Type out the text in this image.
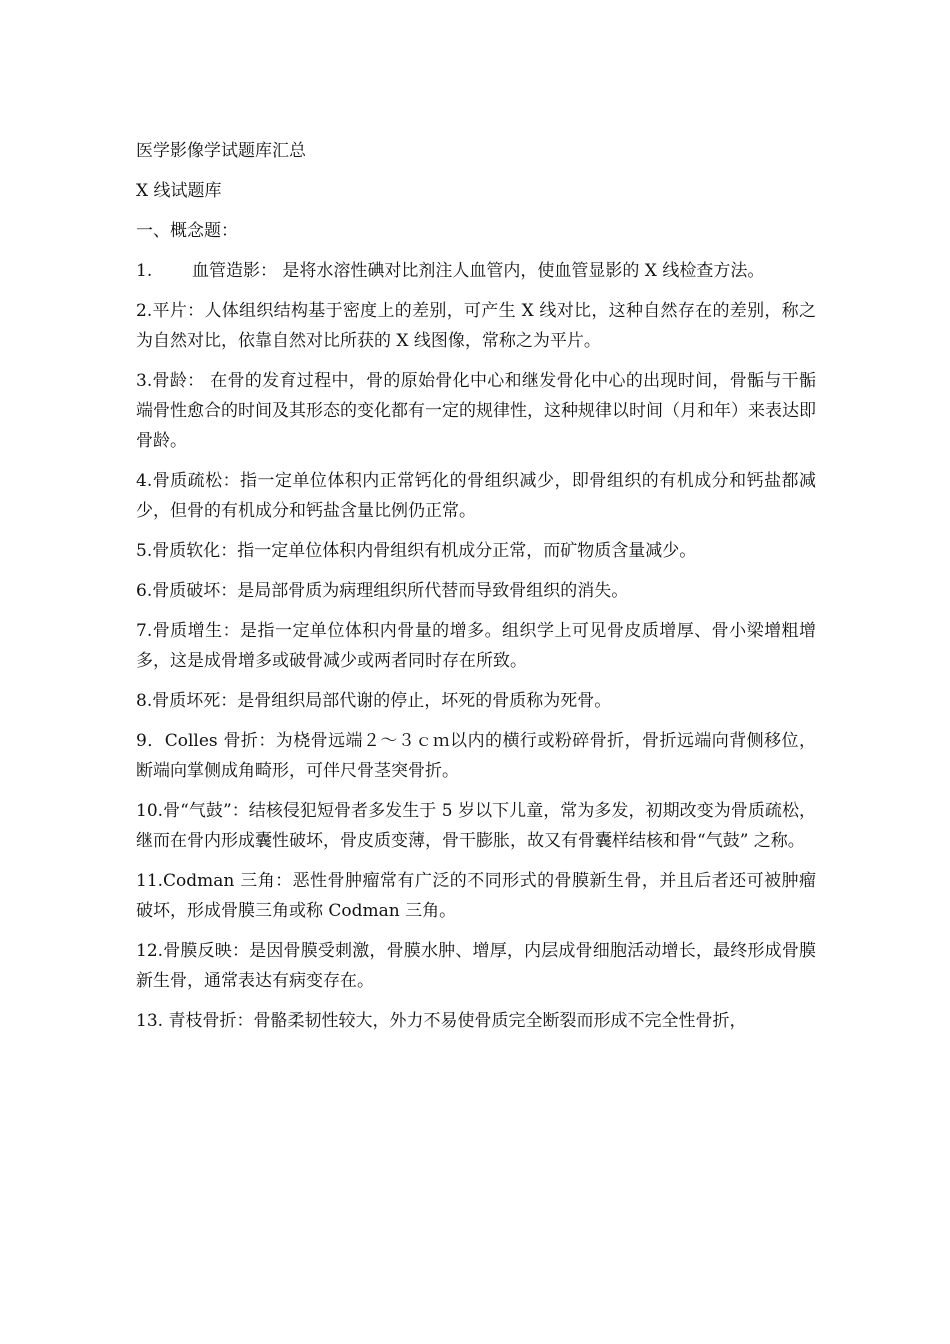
医学影像学试题库汇总
X 线试题库
一、概念题：
1. 血管造影： 是将水溶性碘对比剂注人血管内，使血管显影的 X 线检查方法。
2.平片：人体组织结构基于密度上的差别，可产生 X 线对比，这种自然存在的差别，称之为自然对比，依靠自然对比所获的 X 线图像，常称之为平片。
3.骨龄： 在骨的发育过程中，骨的原始骨化中心和继发骨化中心的出现时间，骨骺与干骺端骨性愈合的时间及其形态的变化都有一定的规律性，这种规律以时间（月和年）来表达即骨龄。
4.骨质疏松：指一定单位体积内正常钙化的骨组织减少，即骨组织的有机成分和钙盐都减少，但骨的有机成分和钙盐含量比例仍正常。
5.骨质软化：指一定单位体积内骨组织有机成分正常，而矿物质含量减少。
6.骨质破坏：是局部骨质为病理组织所代替而导致骨组织的消失。
7.骨质增生：是指一定单位体积内骨量的增多。组织学上可见骨皮质增厚、骨小梁增粗增多，这是成骨增多或破骨减少或两者同时存在所致。
8.骨质坏死：是骨组织局部代谢的停止，坏死的骨质称为死骨。
9．Colles 骨折：为桡骨远端２～３ｃｍ以内的横行或粉碎骨折，骨折远端向背侧移位，断端向掌侧成角畸形，可伴尺骨茎突骨折。
10.骨“气鼓”：结核侵犯短骨者多发生于 5 岁以下儿童，常为多发，初期改变为骨质疏松，继而在骨内形成囊性破坏，骨皮质变薄，骨干膨胀，故又有骨囊样结核和骨“气鼓” 之称。
11.Codman 三角：恶性骨肿瘤常有广泛的不同形式的骨膜新生骨，并且后者还可被肿瘤破坏，形成骨膜三角或称 Codman 三角。
12.骨膜反映：是因骨膜受刺激，骨膜水肿、增厚，内层成骨细胞活动增长，最终形成骨膜新生骨，通常表达有病变存在。
13. 青枝骨折：骨骼柔韧性较大，外力不易使骨质完全断裂而形成不完全性骨折，
